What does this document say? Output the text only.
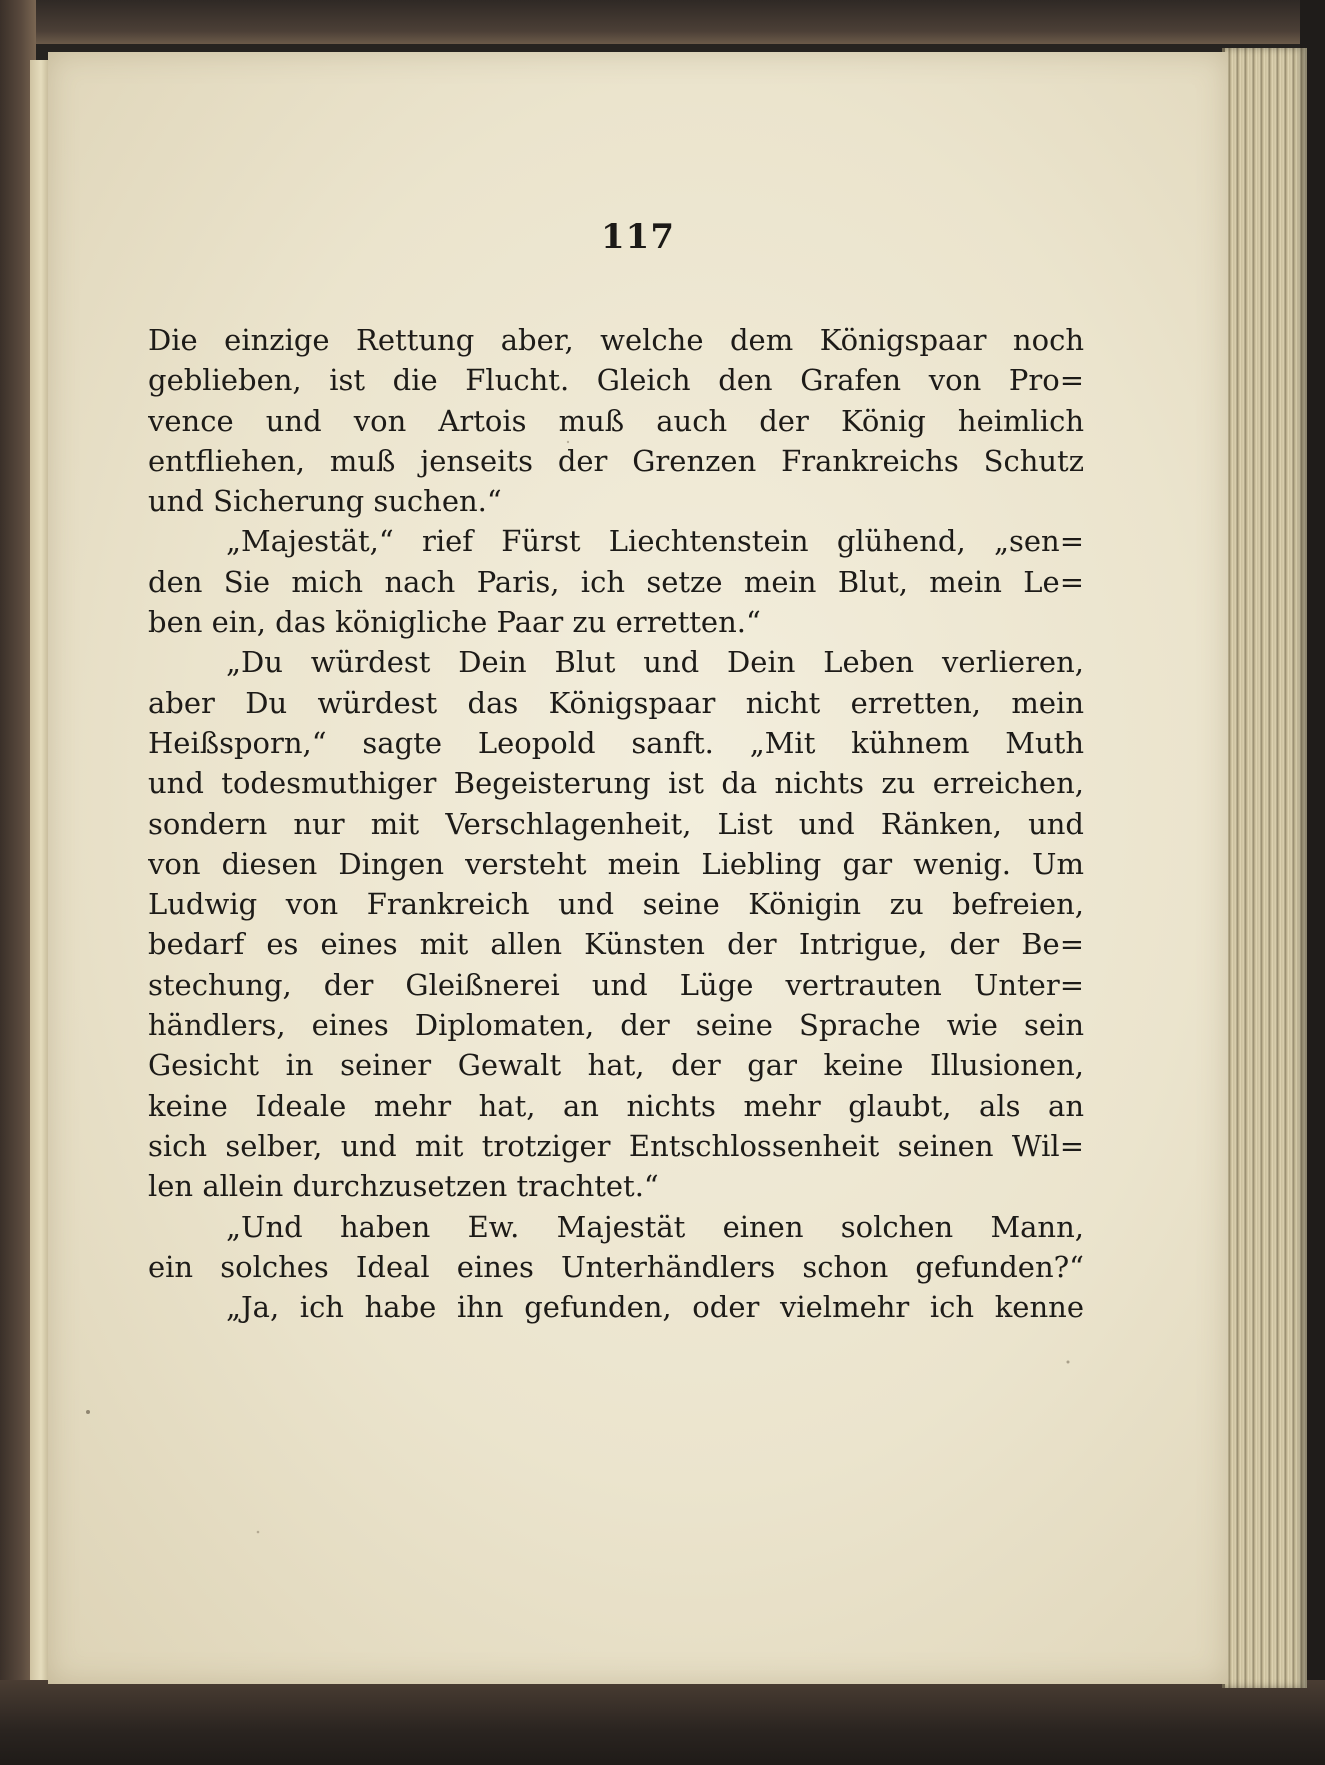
117
Die einzige Rettung aber, welche dem Königspaar noch
geblieben, ist die Flucht. Gleich den Grafen von Pro=
vence und von Artois muß auch der König heimlich
entfliehen, muß jenseits der Grenzen Frankreichs Schutz
und Sicherung suchen.“
„Majestät,“ rief Fürst Liechtenstein glühend, „sen=
den Sie mich nach Paris, ich setze mein Blut, mein Le=
ben ein, das königliche Paar zu erretten.“
„Du würdest Dein Blut und Dein Leben verlieren,
aber Du würdest das Königspaar nicht erretten, mein
Heißsporn,“ sagte Leopold sanft. „Mit kühnem Muth
und todesmuthiger Begeisterung ist da nichts zu erreichen,
sondern nur mit Verschlagenheit, List und Ränken, und
von diesen Dingen versteht mein Liebling gar wenig. Um
Ludwig von Frankreich und seine Königin zu befreien,
bedarf es eines mit allen Künsten der Intrigue, der Be=
stechung, der Gleißnerei und Lüge vertrauten Unter=
händlers, eines Diplomaten, der seine Sprache wie sein
Gesicht in seiner Gewalt hat, der gar keine Illusionen,
keine Ideale mehr hat, an nichts mehr glaubt, als an
sich selber, und mit trotziger Entschlossenheit seinen Wil=
len allein durchzusetzen trachtet.“
„Und haben Ew. Majestät einen solchen Mann,
ein solches Ideal eines Unterhändlers schon gefunden?“
„Ja, ich habe ihn gefunden, oder vielmehr ich kenne
